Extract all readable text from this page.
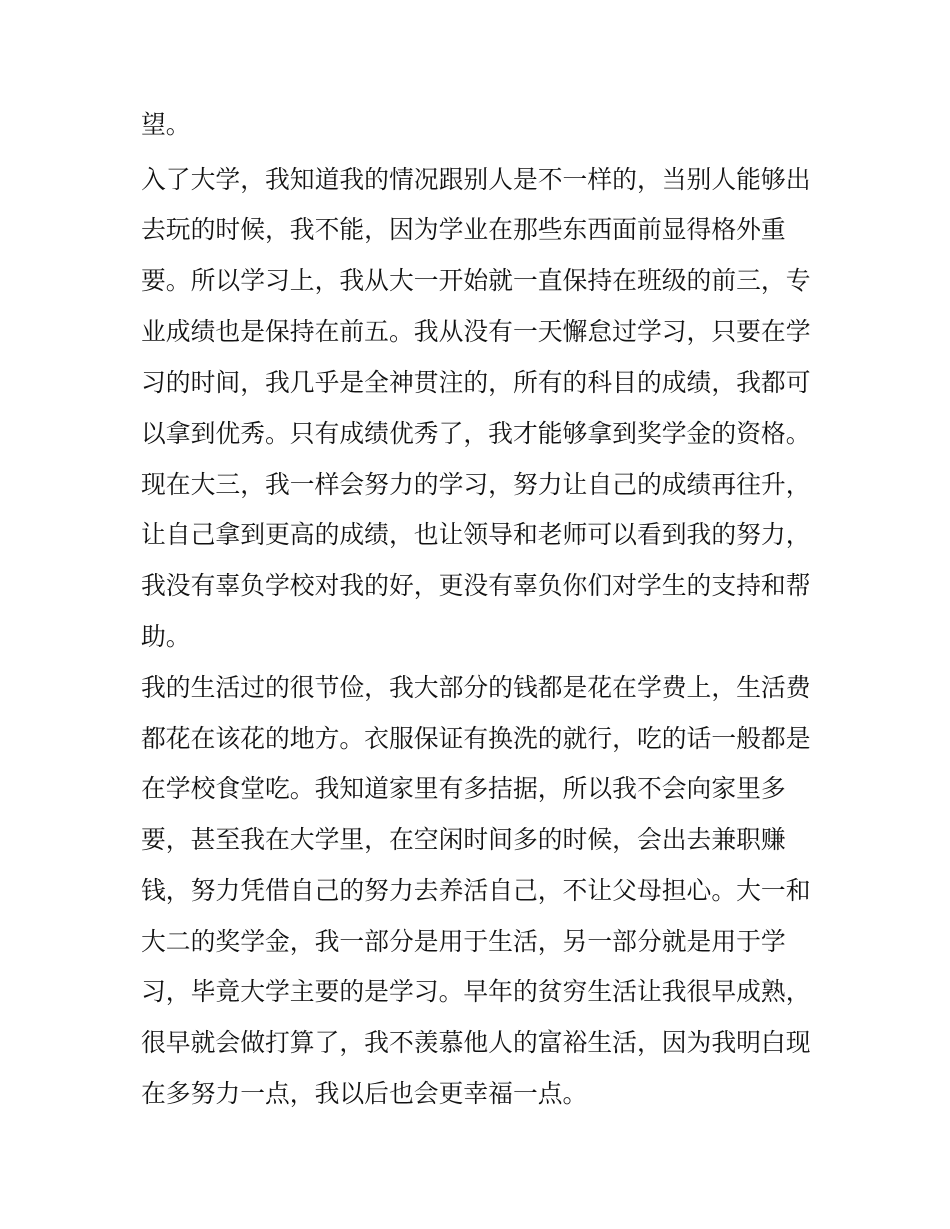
望。
入了大学，我知道我的情况跟别人是不一样的，当别人能够出
去玩的时候，我不能，因为学业在那些东西面前显得格外重
要。所以学习上，我从大一开始就一直保持在班级的前三，专
业成绩也是保持在前五。我从没有一天懈怠过学习，只要在学
习的时间，我几乎是全神贯注的，所有的科目的成绩，我都可
以拿到优秀。只有成绩优秀了，我才能够拿到奖学金的资格。
现在大三，我一样会努力的学习，努力让自己的成绩再往升，
让自己拿到更高的成绩，也让领导和老师可以看到我的努力，
我没有辜负学校对我的好，更没有辜负你们对学生的支持和帮
助。
我的生活过的很节俭，我大部分的钱都是花在学费上，生活费
都花在该花的地方。衣服保证有换洗的就行，吃的话一般都是
在学校食堂吃。我知道家里有多拮据，所以我不会向家里多
要，甚至我在大学里，在空闲时间多的时候，会出去兼职赚
钱，努力凭借自己的努力去养活自己，不让父母担心。大一和
大二的奖学金，我一部分是用于生活，另一部分就是用于学
习，毕竟大学主要的是学习。早年的贫穷生活让我很早成熟，
很早就会做打算了，我不羡慕他人的富裕生活，因为我明白现
在多努力一点，我以后也会更幸福一点。
